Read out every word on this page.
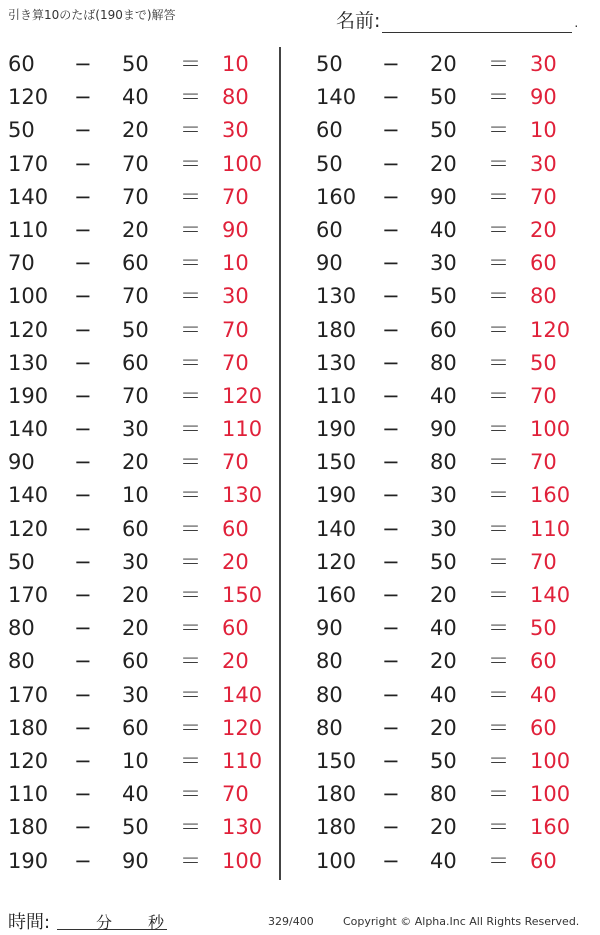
引き算10のたば(190まで)解答	名前:	.
60 − 50 ＝ 10
120 − 40 ＝ 80
50 − 20 ＝ 30
170 − 70 ＝ 100
140 − 70 ＝ 70
110 − 20 ＝ 90
70 − 60 ＝ 10
100 − 70 ＝ 30
120 − 50 ＝ 70
130 − 60 ＝ 70
190 − 70 ＝ 120
140 − 30 ＝ 110
90 − 20 ＝ 70
140 − 10 ＝ 130
120 − 60 ＝ 60
50 − 30 ＝ 20
170 − 20 ＝ 150
80 − 20 ＝ 60
80 − 60 ＝ 20
170 − 30 ＝ 140
180 − 60 ＝ 120
120 − 10 ＝ 110
110 − 40 ＝ 70
180 − 50 ＝ 130
190 − 90 ＝ 100
50 − 20 ＝ 30
140 − 50 ＝ 90
60 − 50 ＝ 10
50 − 20 ＝ 30
160 − 90 ＝ 70
60 − 40 ＝ 20
90 − 30 ＝ 60
130 − 50 ＝ 80
180 − 60 ＝ 120
130 − 80 ＝ 50
110 − 40 ＝ 70
190 − 90 ＝ 100
150 − 80 ＝ 70
190 − 30 ＝ 160
140 − 30 ＝ 110
120 − 50 ＝ 70
160 − 20 ＝ 140
90 − 40 ＝ 50
80 − 20 ＝ 60
80 − 40 ＝ 40
80 − 20 ＝ 60
150 − 50 ＝ 100
180 − 80 ＝ 100
180 − 20 ＝ 160
100 − 40 ＝ 60
時間:	分 秒	329/400	Copyright © Alpha.Inc All Rights Reserved.
